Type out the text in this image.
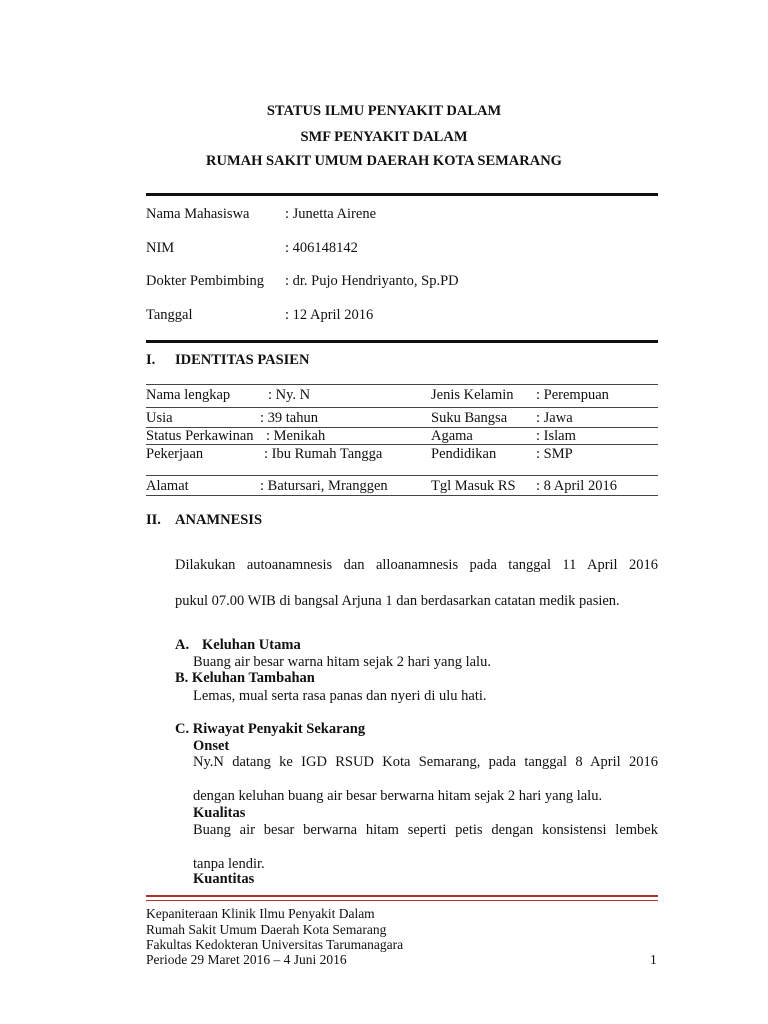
STATUS ILMU PENYAKIT DALAM
SMF PENYAKIT DALAM
RUMAH SAKIT UMUM DAERAH KOTA SEMARANG
Nama Mahasiswa : Junetta Airene
NIM	: 406148142
Dokter Pembimbing : dr. Pujo Hendriyanto, Sp.PD
Tanggal	: 12 April 2016
I. IDENTITAS PASIEN
Nama lengkap	: Ny. N	Jenis Kelamin : Perempuan
Usia	: 39 tahun	Suku Bangsa : Jawa
Status Perkawinan : Menikah	Agama	: Islam
Pekerjaan	: Ibu Rumah Tangga	Pendidikan	: SMP
Alamat	: Batursari, Mranggen	Tgl Masuk RS : 8 April 2016
II. ANAMNESIS
Dilakukan autoanamnesis dan alloanamnesis pada tanggal 11 April 2016
pukul 07.00 WIB di bangsal Arjuna 1 dan berdasarkan catatan medik pasien.
A. Keluhan Utama
Buang air besar warna hitam sejak 2 hari yang lalu.
B. Keluhan Tambahan
Lemas, mual serta rasa panas dan nyeri di ulu hati.
C. Riwayat Penyakit Sekarang
Onset
Ny.N datang ke IGD RSUD Kota Semarang, pada tanggal 8 April 2016
dengan keluhan buang air besar berwarna hitam sejak 2 hari yang lalu.
Kualitas
Buang air besar berwarna hitam seperti petis dengan konsistensi lembek
tanpa lendir.
Kuantitas
Kepaniteraan Klinik Ilmu Penyakit Dalam
Rumah Sakit Umum Daerah Kota Semarang
Fakultas Kedokteran Universitas Tarumanagara
Periode 29 Maret 2016 – 4 Juni 2016	1
